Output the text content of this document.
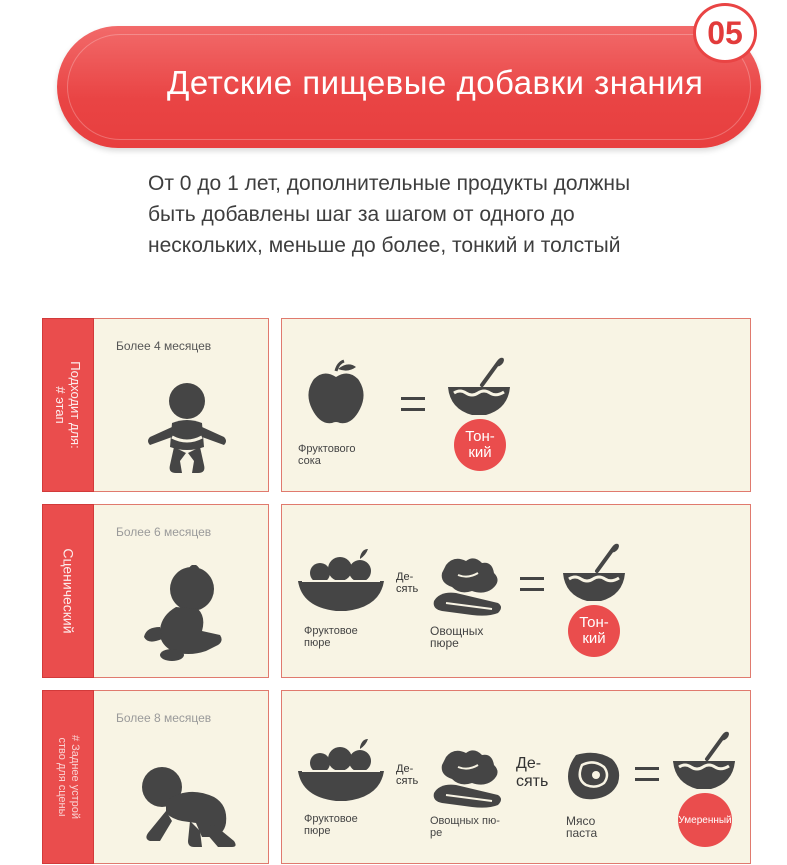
Детские пищевые добавки знания
05
От 0 до 1 лет, дополнительные продукты должны
быть добавлены шаг за шагом от одного до
нескольких, меньше до более, тонкий и толстый
Подходит для:
# этап
Более 4 месяцев
Фруктового
сока
Тон-
кий
Сценический
Более 6 месяцев
Фруктовое
пюре
Де-
сять
Овощных
пюре
Тон-
кий
# Заднее устрой
ство для сцены
Более 8 месяцев
Фруктовое
пюре
Де-
сять
Овощных пю-
ре
Де-
сять
Мясо
паста
Умеренный
